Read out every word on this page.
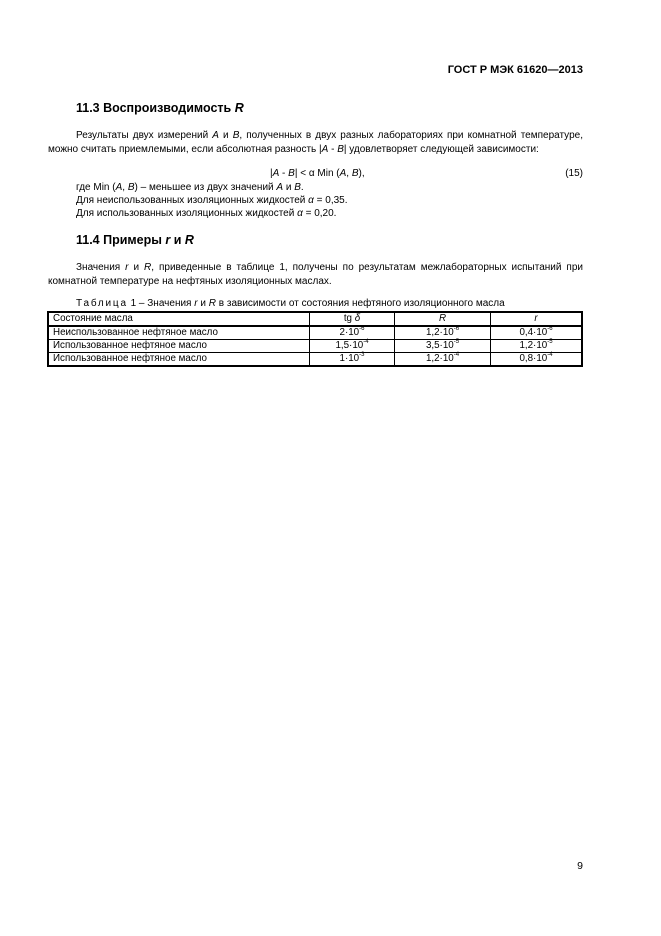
ГОСТ Р МЭК 61620—2013
11.3 Воспроизводимость R
Результаты двух измерений A и B, полученных в двух разных лабораториях при комнатной температуре, можно считать приемлемыми, если абсолютная разность |A - B| удовлетворяет следующей зависимости:
|A - B| < α Min (A, B),	(15)
где Min (A, B) – меньшее из двух значений A и B.
Для неиспользованных изоляционных жидкостей α = 0,35.
Для использованных изоляционных жидкостей α = 0,20.
11.4 Примеры r и R
Значения r и R, приведенные в таблице 1, получены по результатам межлабораторных испытаний при комнатной температуре на нефтяных изоляционных маслах.
Таблица 1 – Значения r и R в зависимости от состояния нефтяного изоляционного масла
Состояние масла	tg δ	R	r
Неиспользованное нефтяное масло	$2\cdot 10^{-6}$	$1,2\cdot 10^{-6}$	$0,4\cdot 10^{-6}$
Использованное нефтяное масло	$1,5\cdot 10^{-4}$	$3,5\cdot 10^{-5}$	$1,2\cdot 10^{-5}$
Использованное нефтяное масло	$1\cdot 10^{-3}$	$1,2\cdot 10^{-4}$	$0,8\cdot 10^{-4}$
9
